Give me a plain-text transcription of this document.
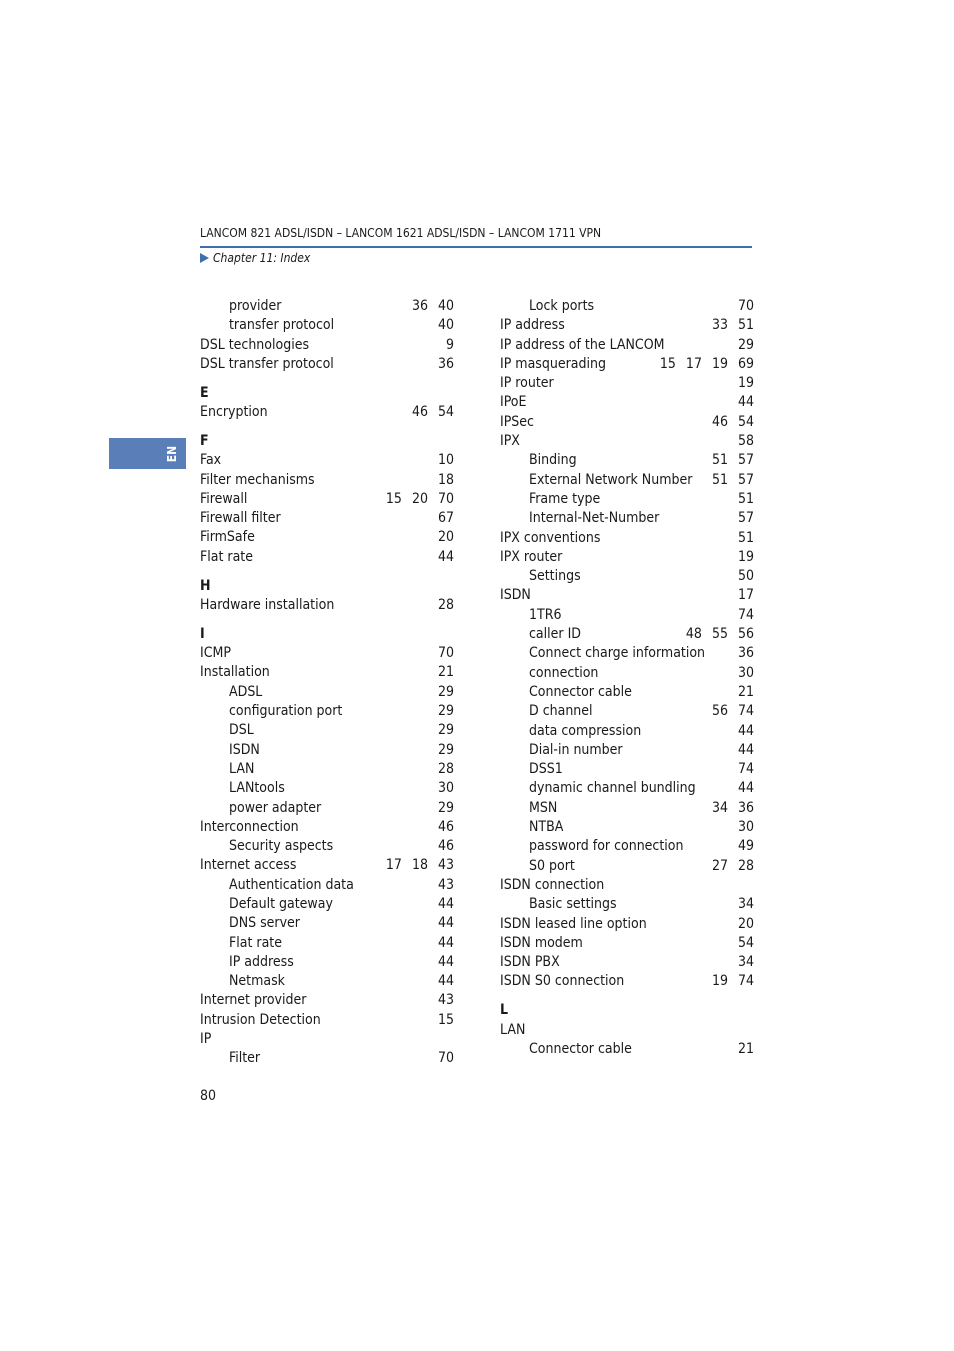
LANCOM 821 ADSL/ISDN – LANCOM 1621 ADSL/ISDN – LANCOM 1711 VPN
Chapter 11: Index
EN
provider	36 40
transfer protocol	40
DSL technologies	9
DSL transfer protocol	36
E
Encryption	46 54
F
Fax	10
Filter mechanisms	18
Firewall	15 20 70
Firewall filter	67
FirmSafe	20
Flat rate	44
H
Hardware installation	28
I
ICMP	70
Installation	21
ADSL	29
configuration port	29
DSL	29
ISDN	29
LAN	28
LANtools	30
power adapter	29
Interconnection	46
Security aspects	46
Internet access	17 18 43
Authentication data	43
Default gateway	44
DNS server	44
Flat rate	44
IP address	44
Netmask	44
Internet provider	43
Intrusion Detection	15
IP
Filter	70
Lock ports	70
IP address	33 51
IP address of the LANCOM	29
IP masquerading	15 17 19 69
IP router	19
IPoE	44
IPSec	46 54
IPX	58
Binding	51 57
External Network Number 51 57
Frame type	51
Internal-Net-Number	57
IPX conventions	51
IPX router	19
Settings	50
ISDN	17
1TR6	74
caller ID	48 55 56
Connect charge information 36
connection	30
Connector cable	21
D channel	56 74
data compression	44
Dial-in number	44
DSS1	74
dynamic channel bundling	44
MSN	34 36
NTBA	30
password for connection	49
S0 port	27 28
ISDN connection
Basic settings	34
ISDN leased line option	20
ISDN modem	54
ISDN PBX	34
ISDN S0 connection	19 74
L
LAN
Connector cable	21
80
